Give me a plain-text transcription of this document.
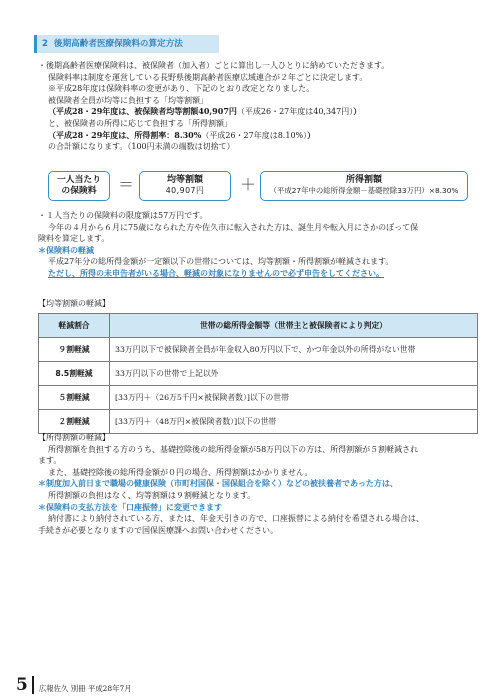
2 後期高齢者医療保険料の算定方法
・後期高齢者医療保険料は、被保険者（加入者）ごとに算出し一人ひとりに納めていただきます。
保険料率は制度を運営している長野県後期高齢者医療広域連合が２年ごとに決定します。
※平成28年度は保険料率の変更があり、下記のとおり改定となりました。
被保険者全員が均等に負担する「均等割額」
（平成28・29年度は、被保険者均等割額40,907円（平成26・27年度は40,347円））
と、被保険者の所得に応じて負担する「所得割額」
（平成28・29年度は、所得割率：8.30%（平成26・27年度は8.10%））
の合計額になります。（100円未満の端数は切捨て）
一人当たり
の保険料	＝	均等割額
40,907円	＋	所得割額
（平成27年中の総所得金額－基礎控除33万円）×8.30%
・１人当たりの保険料の限度額は57万円です。
今年の４月から６月に75歳になられた方や佐久市に転入された方は、誕生月や転入月にさかのぼって保
険料を算定します。
＊保険料の軽減
平成27年分の総所得金額が一定額以下の世帯については、均等割額・所得割額が軽減されます。
ただし、所得の未申告者がいる場合、軽減の対象になりませんので必ず申告をしてください。
【均等割額の軽減】
軽減割合	世帯の総所得金額等（世帯主と被保険者により判定）
９割軽減	33万円以下で被保険者全員が年金収入80万円以下で、かつ年金以外の所得がない世帯
8.5割軽減	33万円以下の世帯で上記以外
５割軽減	[33万円＋（26万5千円×被保険者数）]以下の世帯
２割軽減	[33万円＋（48万円×被保険者数）]以下の世帯
【所得割額の軽減】
所得割額を負担する方のうち、基礎控除後の総所得金額が58万円以下の方は、所得割額が５割軽減され
ます。
また、基礎控除後の総所得金額が０円の場合、所得割額はかかりません。
＊制度加入前日まで職場の健康保険（市町村国保・国保組合を除く）などの被扶養者であった方は、
所得割額の負担はなく、均等割額は９割軽減となります。
＊保険料の支払方法を「口座振替」に変更できます
納付書により納付されている方、または、年金天引きの方で、口座振替による納付を希望される場合は、
手続きが必要となりますので国保医療課へお問い合わせください。
5 広報佐久 別冊 平成28年7月
